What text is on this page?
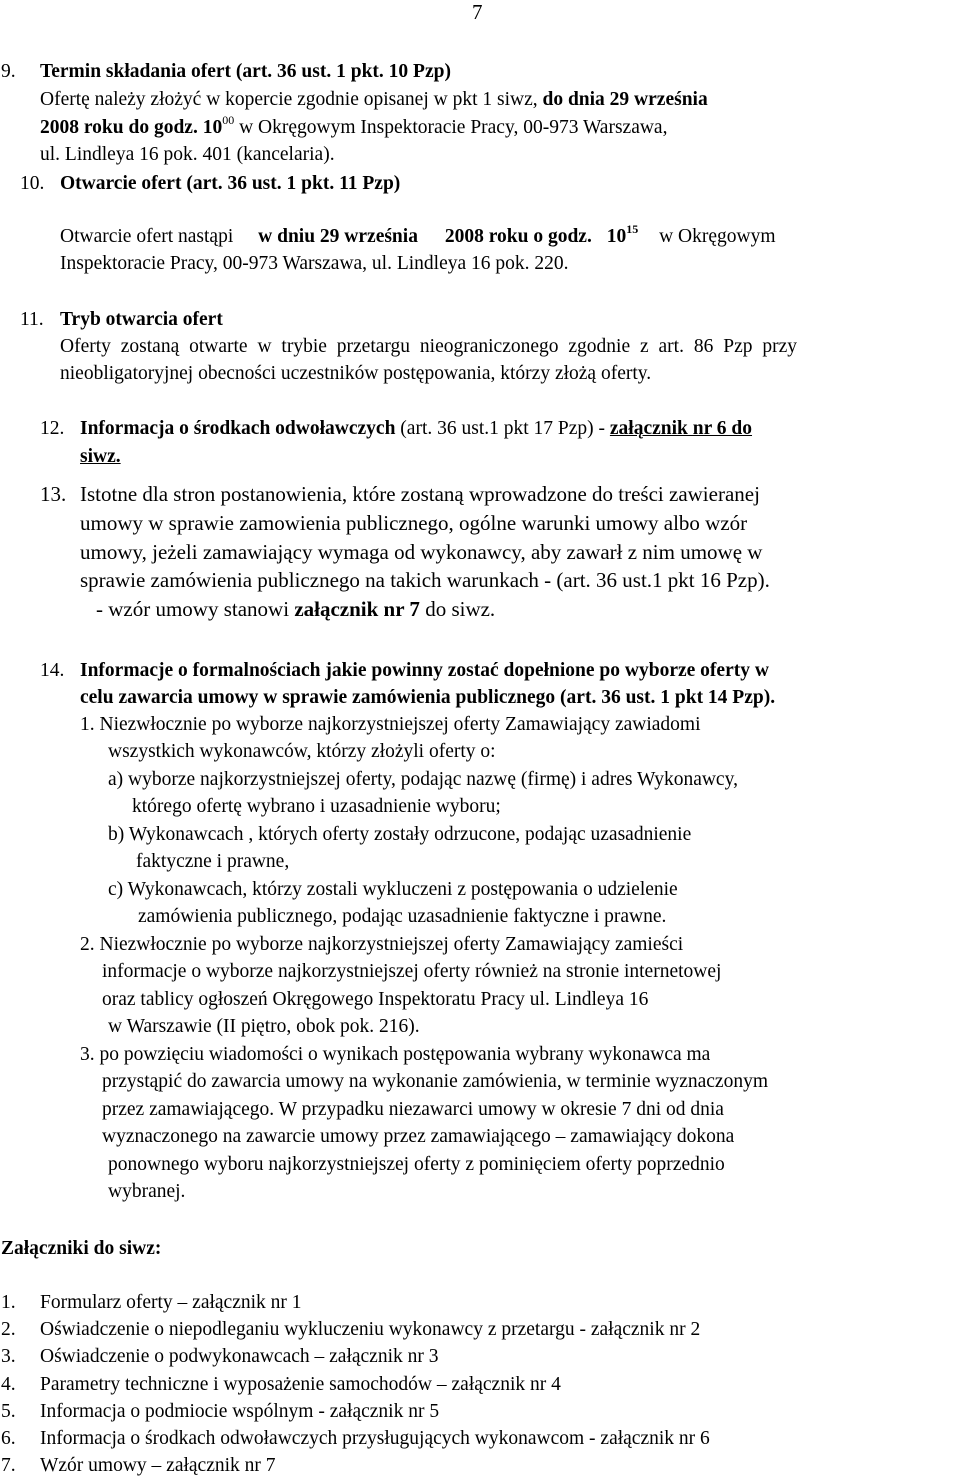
7
9. Termin składania ofert (art. 36 ust. 1 pkt. 10 Pzp)
Ofertę należy złożyć w kopercie zgodnie opisanej w pkt 1 siwz, do dnia 29 września
2008 roku do godz. $10^{00}$ w Okręgowym Inspektoracie Pracy, 00-973 Warszawa,
ul. Lindleya 16 pok. 401 (kancelaria).
10. Otwarcie ofert (art. 36 ust. 1 pkt. 11 Pzp)
Otwarcie ofert nastąpi w dniu 29 września 2008 roku o godz. $10^{15}$ w Okręgowym
Inspektoracie Pracy, 00-973 Warszawa, ul. Lindleya 16 pok. 220.
11. Tryb otwarcia ofert
Oferty zostaną otwarte w trybie przetargu nieograniczonego zgodnie z art. 86 Pzp przy
nieobligatoryjnej obecności uczestników postępowania, którzy złożą oferty.
12. Informacja o środkach odwoławczych (art. 36 ust.1 pkt 17 Pzp) - załącznik nr 6 do
siwz.
13. Istotne dla stron postanowienia, które zostaną wprowadzone do treści zawieranej
umowy w sprawie zamowienia publicznego, ogólne warunki umowy albo wzór
umowy, jeżeli zamawiający wymaga od wykonawcy, aby zawarł z nim umowę w
sprawie zamówienia publicznego na takich warunkach - (art. 36 ust.1 pkt 16 Pzp).
- wzór umowy stanowi załącznik nr 7 do siwz.
14. Informacje o formalnościach jakie powinny zostać dopełnione po wyborze oferty w
celu zawarcia umowy w sprawie zamówienia publicznego (art. 36 ust. 1 pkt 14 Pzp).
1. Niezwłocznie po wyborze najkorzystniejszej oferty Zamawiający zawiadomi
wszystkich wykonawców, którzy złożyli oferty o:
a) wyborze najkorzystniejszej oferty, podając nazwę (firmę) i adres Wykonawcy,
którego ofertę wybrano i uzasadnienie wyboru;
b) Wykonawcach , których oferty zostały odrzucone, podając uzasadnienie
faktyczne i prawne,
c) Wykonawcach, którzy zostali wykluczeni z postępowania o udzielenie
zamówienia publicznego, podając uzasadnienie faktyczne i prawne.
2. Niezwłocznie po wyborze najkorzystniejszej oferty Zamawiający zamieści
informacje o wyborze najkorzystniejszej oferty również na stronie internetowej
oraz tablicy ogłoszeń Okręgowego Inspektoratu Pracy ul. Lindleya 16
w Warszawie (II piętro, obok pok. 216).
3. po powzięciu wiadomości o wynikach postępowania wybrany wykonawca ma
przystąpić do zawarcia umowy na wykonanie zamówienia, w terminie wyznaczonym
przez zamawiającego. W przypadku niezawarci umowy w okresie 7 dni od dnia
wyznaczonego na zawarcie umowy przez zamawiającego – zamawiający dokona
ponownego wyboru najkorzystniejszej oferty z pominięciem oferty poprzednio
wybranej.
Załączniki do siwz:
1. Formularz oferty – załącznik nr 1
2. Oświadczenie o niepodleganiu wykluczeniu wykonawcy z przetargu - załącznik nr 2
3. Oświadczenie o podwykonawcach – załącznik nr 3
4. Parametry techniczne i wyposażenie samochodów – załącznik nr 4
5. Informacja o podmiocie wspólnym - załącznik nr 5
6. Informacja o środkach odwoławczych przysługujących wykonawcom - załącznik nr 6
7. Wzór umowy – załącznik nr 7
